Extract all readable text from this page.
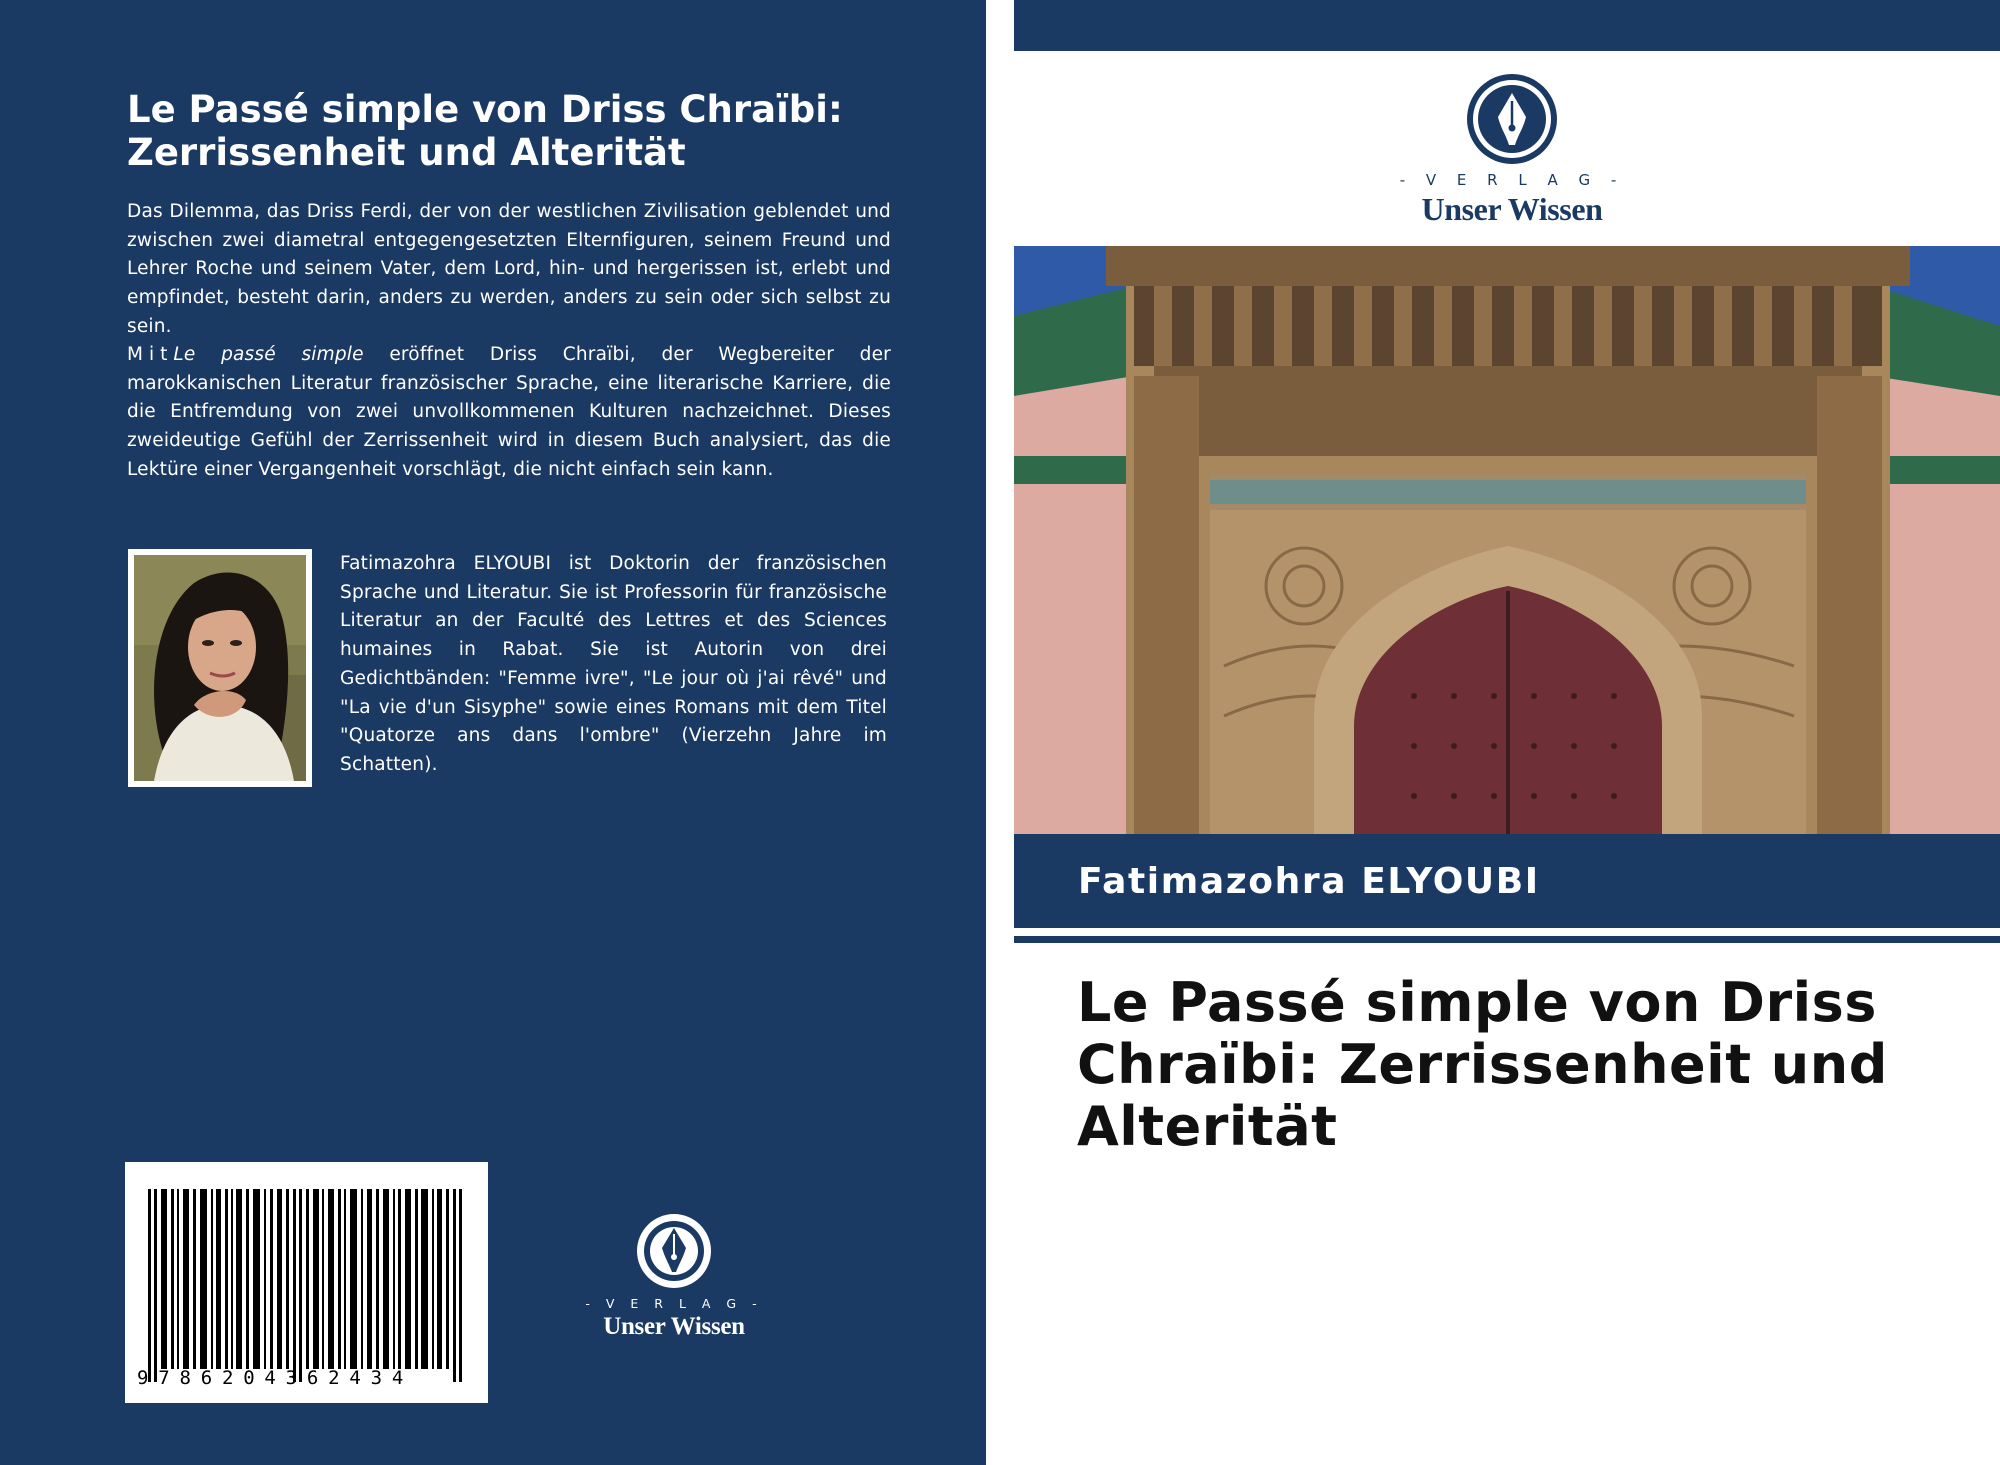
Le Passé simple von Driss Chraïbi: Zerrissenheit und Alterität

Das Dilemma, das Driss Ferdi, der von der westlichen Zivilisation geblendet und zwischen zwei diametral entgegengesetzten Elternfiguren, seinem Freund und Lehrer Roche und seinem Vater, dem Lord, hin- und hergerissen ist, erlebt und empfindet, besteht darin, anders zu werden, anders zu sein oder sich selbst zu sein.

MitLe passé simple eröffnet Driss Chraïbi, der Wegbereiter der marokkanischen Literatur französischer Sprache, eine literarische Karriere, die die Entfremdung von zwei unvollkommenen Kulturen nachzeichnet. Dieses zweideutige Gefühl der Zerrissenheit wird in diesem Buch analysiert, das die Lektüre einer Vergangenheit vorschlägt, die nicht einfach sein kann.

Fatimazohra ELYOUBI ist Doktorin der französischen Sprache und Literatur. Sie ist Professorin für französische Literatur an der Faculté des Lettres et des Sciences humaines in Rabat. Sie ist Autorin von drei Gedichtbänden: "Femme ivre", "Le jour où j'ai rêvé" und "La vie d'un Sisyphe" sowie eines Romans mit dem Titel "Quatorze ans dans l'ombre" (Vierzehn Jahre im Schatten).

9786204362434
- V E R L A G -
Unser Wissen
- V E R L A G -
Unser Wissen
Fatimazohra ELYOUBI
Le Passé simple von Driss Chraïbi: Zerrissenheit und Alterität
